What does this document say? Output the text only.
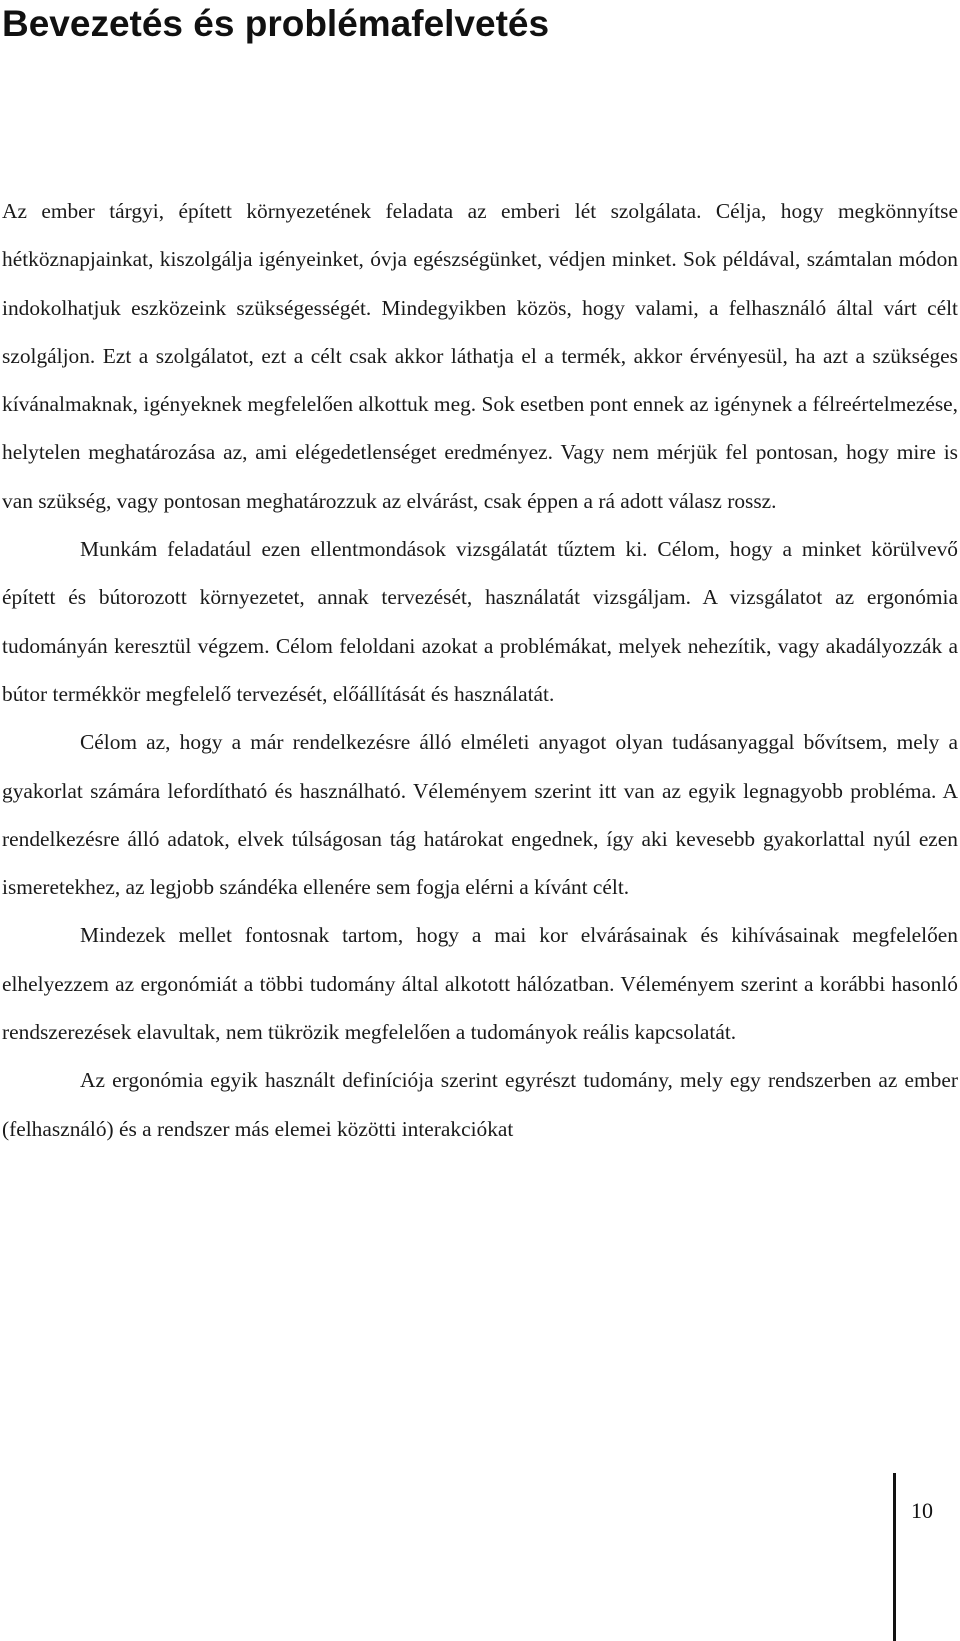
Bevezetés és problémafelvetés

Az ember tárgyi, épített környezetének feladata az emberi lét szolgálata. Célja, hogy megkönnyítse hétköznapjainkat, kiszolgálja igényeinket, óvja egészségünket, védjen minket. Sok példával, számtalan módon indokolhatjuk eszközeink szükségességét. Mindegyikben közös, hogy valami, a felhasználó által várt célt szolgáljon. Ezt a szolgálatot, ezt a célt csak akkor láthatja el a termék, akkor érvényesül, ha azt a szükséges kívánalmaknak, igényeknek megfelelően alkottuk meg. Sok esetben pont ennek az igénynek a félreértelmezése, helytelen meghatározása az, ami elégedetlenséget eredményez. Vagy nem mérjük fel pontosan, hogy mire is van szükség, vagy pontosan meghatározzuk az elvárást, csak éppen a rá adott válasz rossz.

Munkám feladatául ezen ellentmondások vizsgálatát tűztem ki. Célom, hogy a minket körülvevő épített és bútorozott környezetet, annak tervezését, használatát vizsgáljam. A vizsgálatot az ergonómia tudományán keresztül végzem. Célom feloldani azokat a problémákat, melyek nehezítik, vagy akadályozzák a bútor termékkör megfelelő tervezését, előállítását és használatát.

Célom az, hogy a már rendelkezésre álló elméleti anyagot olyan tudásanyaggal bővítsem, mely a gyakorlat számára lefordítható és használható. Véleményem szerint itt van az egyik legnagyobb probléma. A rendelkezésre álló adatok, elvek túlságosan tág határokat engednek, így aki kevesebb gyakorlattal nyúl ezen ismeretekhez, az legjobb szándéka ellenére sem fogja elérni a kívánt célt.

Mindezek mellet fontosnak tartom, hogy a mai kor elvárásainak és kihívásainak megfelelően elhelyezzem az ergonómiát a többi tudomány által alkotott hálózatban. Véleményem szerint a korábbi hasonló rendszerezések elavultak, nem tükrözik megfelelően a tudományok reális kapcsolatát.

Az ergonómia egyik használt definíciója szerint egyrészt tudomány, mely egy rendszerben az ember (felhasználó) és a rendszer más elemei közötti interakciókat

10
